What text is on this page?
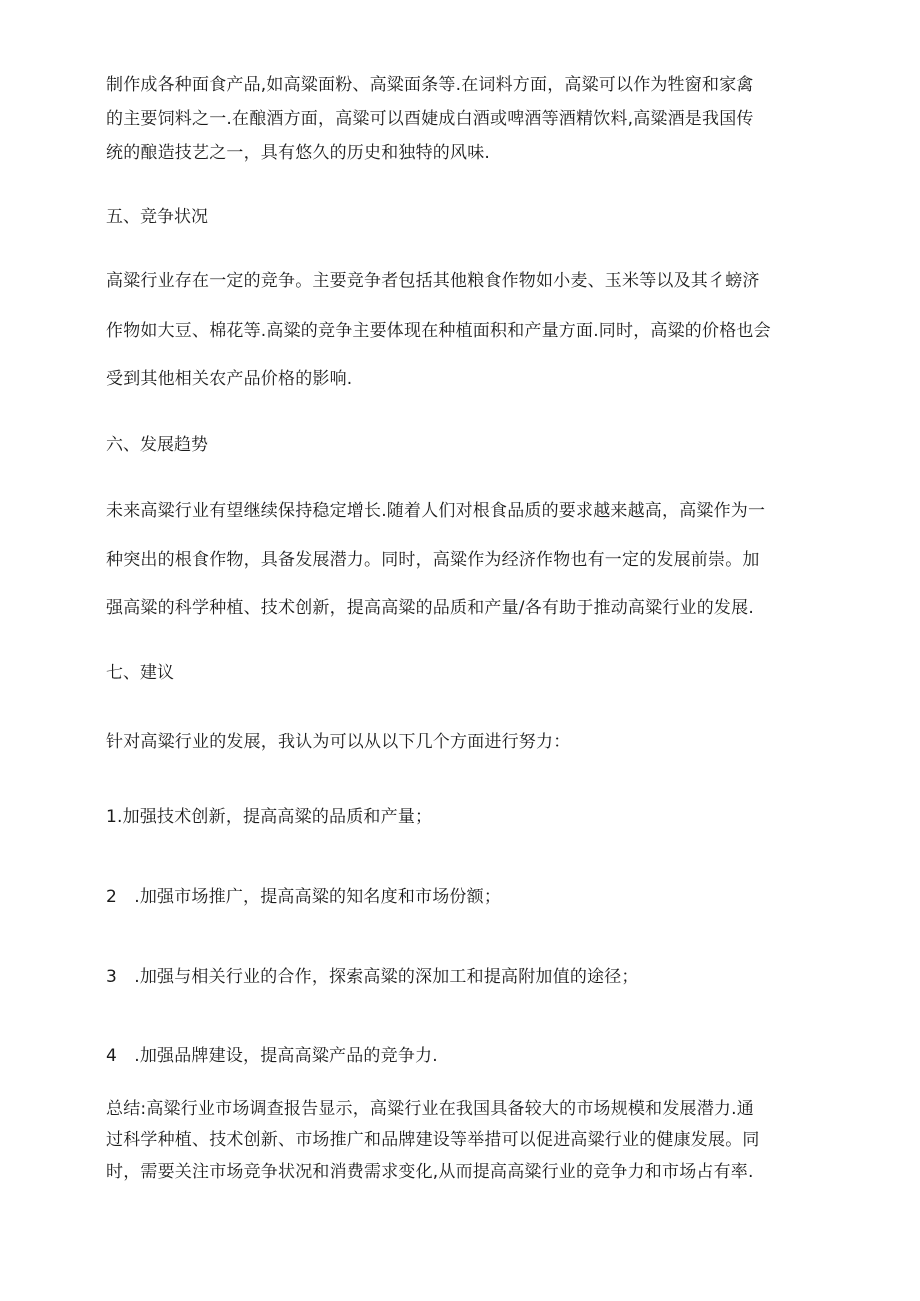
制作成各种面食产品,如高粱面粉、高粱面条等.在词料方面，高粱可以作为牲窗和家禽
的主要饲料之一.在酿酒方面，高粱可以酉婕成白酒或啤酒等酒精饮料,高粱酒是我国传
统的酿造技艺之一，具有悠久的历史和独特的风味.
五、竞争状况
高粱行业存在一定的竞争。主要竞争者包括其他粮食作物如小麦、玉米等以及其彳螃济
作物如大豆、棉花等.高粱的竞争主要体现在种植面积和产量方面.同时，高粱的价格也会
受到其他相关农产品价格的影响.
六、发展趋势
未来高粱行业有望继续保持稳定增长.随着人们对根食品质的要求越来越高，高粱作为一
种突出的根食作物，具备发展潜力。同时，高粱作为经济作物也有一定的发展前崇。加
强高粱的科学种植、技术创新，提高高粱的品质和产量/各有助于推动高粱行业的发展.
七、建议
针对高粱行业的发展，我认为可以从以下几个方面进行努力：
1.加强技术创新，提高高粱的品质和产量；
2　.加强市场推广，提高高粱的知名度和市场份额；
3　.加强与相关行业的合作，探索高粱的深加工和提高附加值的途径；
4　.加强品牌建设，提高高粱产品的竞争力.
总结:高粱行业市场调查报告显示，高粱行业在我国具备较大的市场规模和发展潜力.通
过科学种植、技术创新、市场推广和品牌建设等举措可以促进高粱行业的健康发展。同
时，需要关注市场竞争状况和消费需求变化,从而提高高粱行业的竞争力和市场占有率.
